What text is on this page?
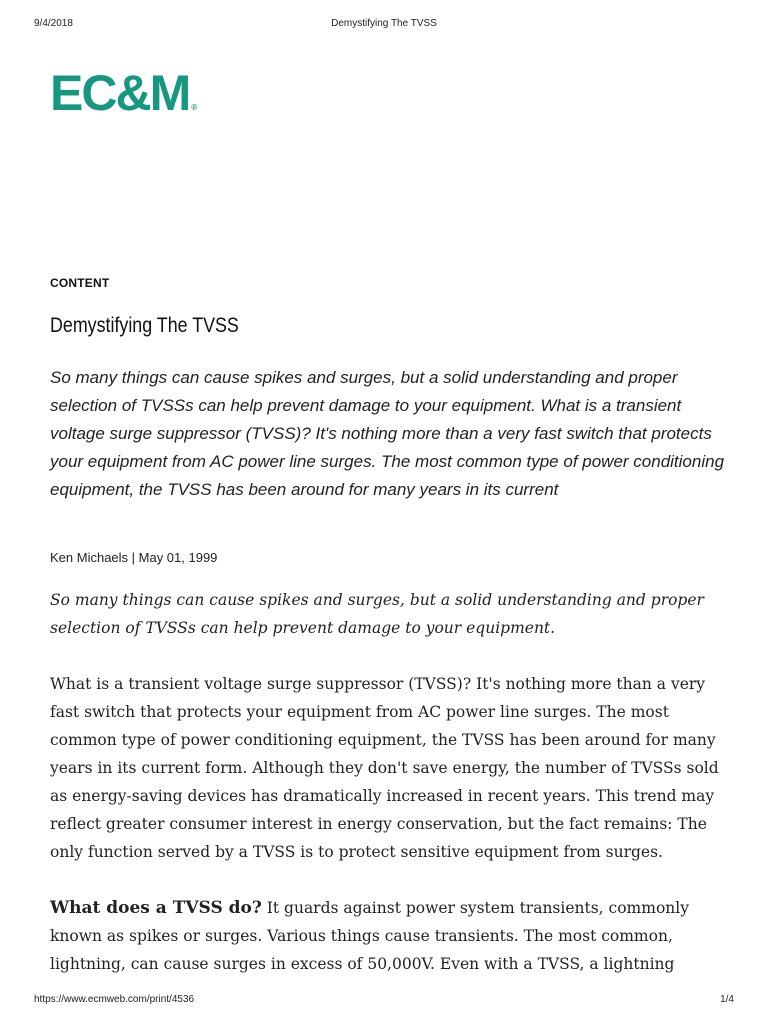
9/4/2018	Demystifying The TVSS
EC&M ®
CONTENT
Demystifying The TVSS

So many things can cause spikes and surges, but a solid understanding and proper selection of TVSSs can help prevent damage to your equipment. What is a transient voltage surge suppressor (TVSS)? It's nothing more than a very fast switch that protects your equipment from AC power line surges. The most common type of power conditioning equipment, the TVSS has been around for many years in its current

Ken Michaels | May 01, 1999

So many things can cause spikes and surges, but a solid understanding and proper selection of TVSSs can help prevent damage to your equipment.

What is a transient voltage surge suppressor (TVSS)? It's nothing more than a very fast switch that protects your equipment from AC power line surges. The most common type of power conditioning equipment, the TVSS has been around for many years in its current form. Although they don't save energy, the number of TVSSs sold as energy-saving devices has dramatically increased in recent years. This trend may reflect greater consumer interest in energy conservation, but the fact remains: The only function served by a TVSS is to protect sensitive equipment from surges.

What does a TVSS do? It guards against power system transients, commonly known as spikes or surges. Various things cause transients. The most common, lightning, can cause surges in excess of 50,000V. Even with a TVSS, a lightning

https://www.ecmweb.com/print/4536	1/4
